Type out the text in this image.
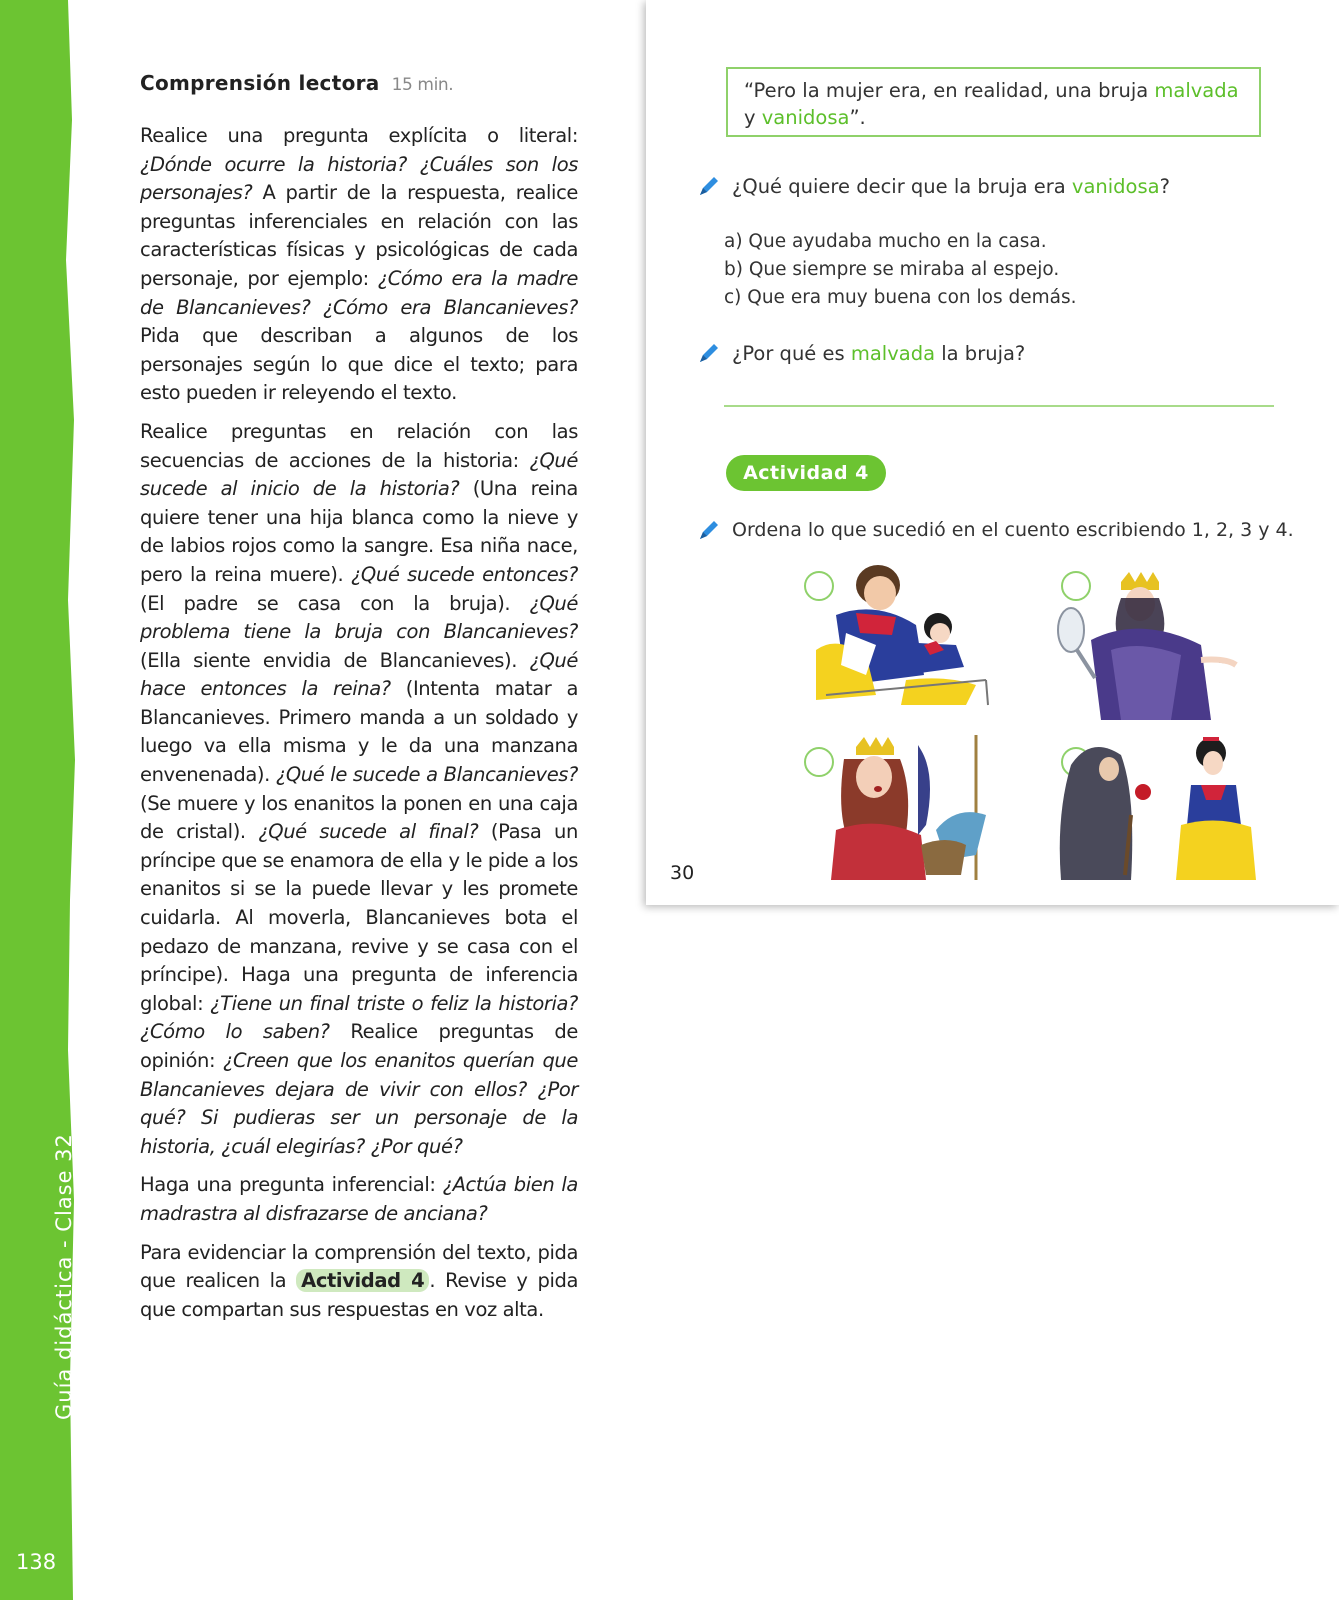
Guía didáctica - Clase 32
138
Comprensión lectora 15 min.

Realice una pregunta explícita o literal: ¿Dónde ocurre la historia? ¿Cuáles son los personajes? A partir de la respuesta, realice preguntas inferenciales en relación con las características físicas y psicológicas de cada personaje, por ejemplo: ¿Cómo era la madre de Blancanieves? ¿Cómo era Blancanieves? Pida que describan a algunos de los personajes según lo que dice el texto; para esto pueden ir releyendo el texto.

Realice preguntas en relación con las secuencias de acciones de la historia: ¿Qué sucede al inicio de la historia? (Una reina quiere tener una hija blanca como la nieve y de labios rojos como la sangre. Esa niña nace, pero la reina muere). ¿Qué sucede entonces? (El padre se casa con la bruja). ¿Qué problema tiene la bruja con Blancanieves? (Ella siente envidia de Blancanieves). ¿Qué hace entonces la reina? (Intenta matar a Blancanieves. Primero manda a un soldado y luego va ella misma y le da una manzana envenenada). ¿Qué le sucede a Blancanieves? (Se muere y los enanitos la ponen en una caja de cristal). ¿Qué sucede al final? (Pasa un príncipe que se enamora de ella y le pide a los enanitos si se la puede llevar y les promete cuidarla. Al moverla, Blancanieves bota el pedazo de manzana, revive y se casa con el príncipe). Haga una pregunta de inferencia global: ¿Tiene un final triste o feliz la historia? ¿Cómo lo saben? Realice preguntas de opinión: ¿Creen que los enanitos querían que Blancanieves dejara de vivir con ellos? ¿Por qué? Si pudieras ser un personaje de la historia, ¿cuál elegirías? ¿Por qué?

Haga una pregunta inferencial: ¿Actúa bien la madrastra al disfrazarse de anciana?

Para evidenciar la comprensión del texto, pida que realicen la Actividad 4 . Revise y pida que compartan sus respuestas en voz alta.

“Pero la mujer era, en realidad, una bruja malvada
y vanidosa”.
¿Qué quiere decir que la bruja era vanidosa?
a) Que ayudaba mucho en la casa.
b) Que siempre se miraba al espejo.
c) Que era muy buena con los demás.
¿Por qué es malvada la bruja?
Actividad 4
Ordena lo que sucedió en el cuento escribiendo 1, 2, 3 y 4.
30
